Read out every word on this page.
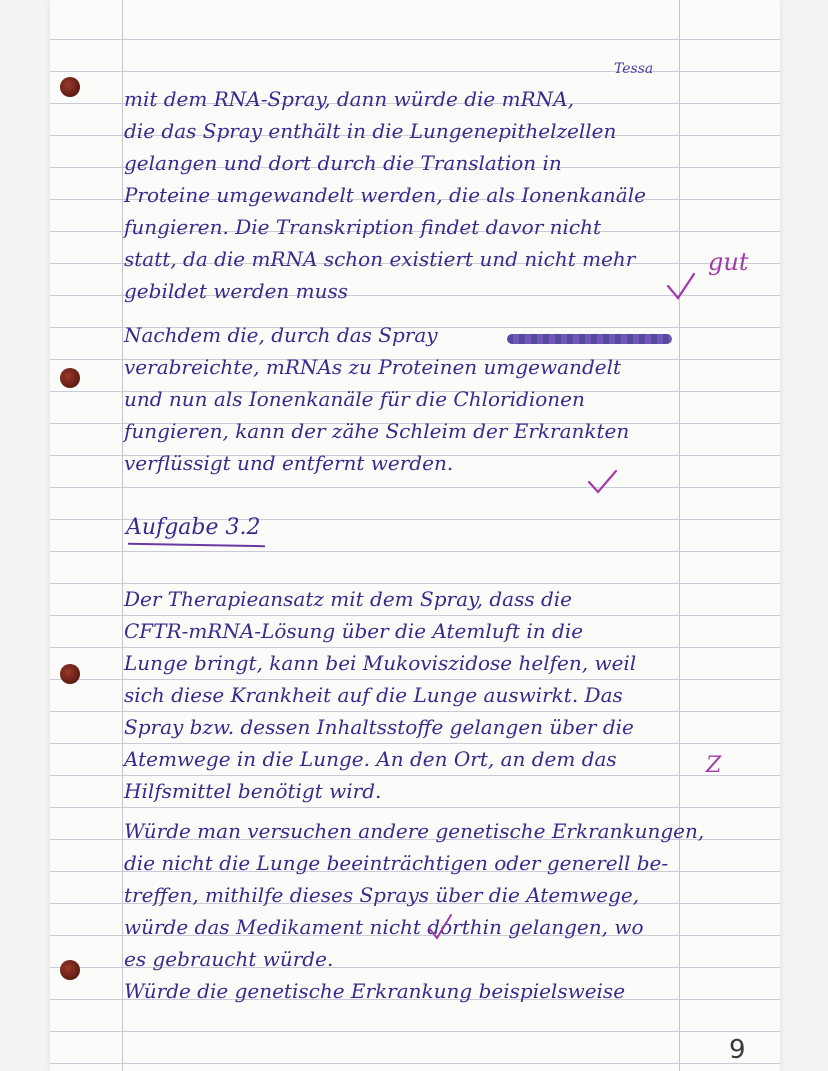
Tessa
mit dem RNA-Spray, dann würde die mRNA,
die das Spray enthält in die Lungenepithelzellen
gelangen und dort durch die Translation in
Proteine umgewandelt werden, die als Ionenkanäle
fungieren. Die Transkription findet davor nicht
statt, da die mRNA schon existiert und nicht mehr
gebildet werden muss
gut
Nachdem die, durch das Spray
verabreichte, mRNAs zu Proteinen umgewandelt
und nun als Ionenkanäle für die Chloridionen
fungieren, kann der zähe Schleim der Erkrankten
verflüssigt und entfernt werden.
Aufgabe 3.2
Der Therapieansatz mit dem Spray, dass die
CFTR-mRNA-Lösung über die Atemluft in die
Lunge bringt, kann bei Mukoviszidose helfen, weil
sich diese Krankheit auf die Lunge auswirkt. Das
Spray bzw. dessen Inhaltsstoffe gelangen über die
Atemwege in die Lunge. An den Ort, an dem das
Hilfsmittel benötigt wird.
Z
Würde man versuchen andere genetische Erkrankungen,
die nicht die Lunge beeinträchtigen oder generell be-
treffen, mithilfe dieses Sprays über die Atemwege,
würde das Medikament nicht dorthin gelangen, wo
es gebraucht würde.
Würde die genetische Erkrankung beispielsweise
9
